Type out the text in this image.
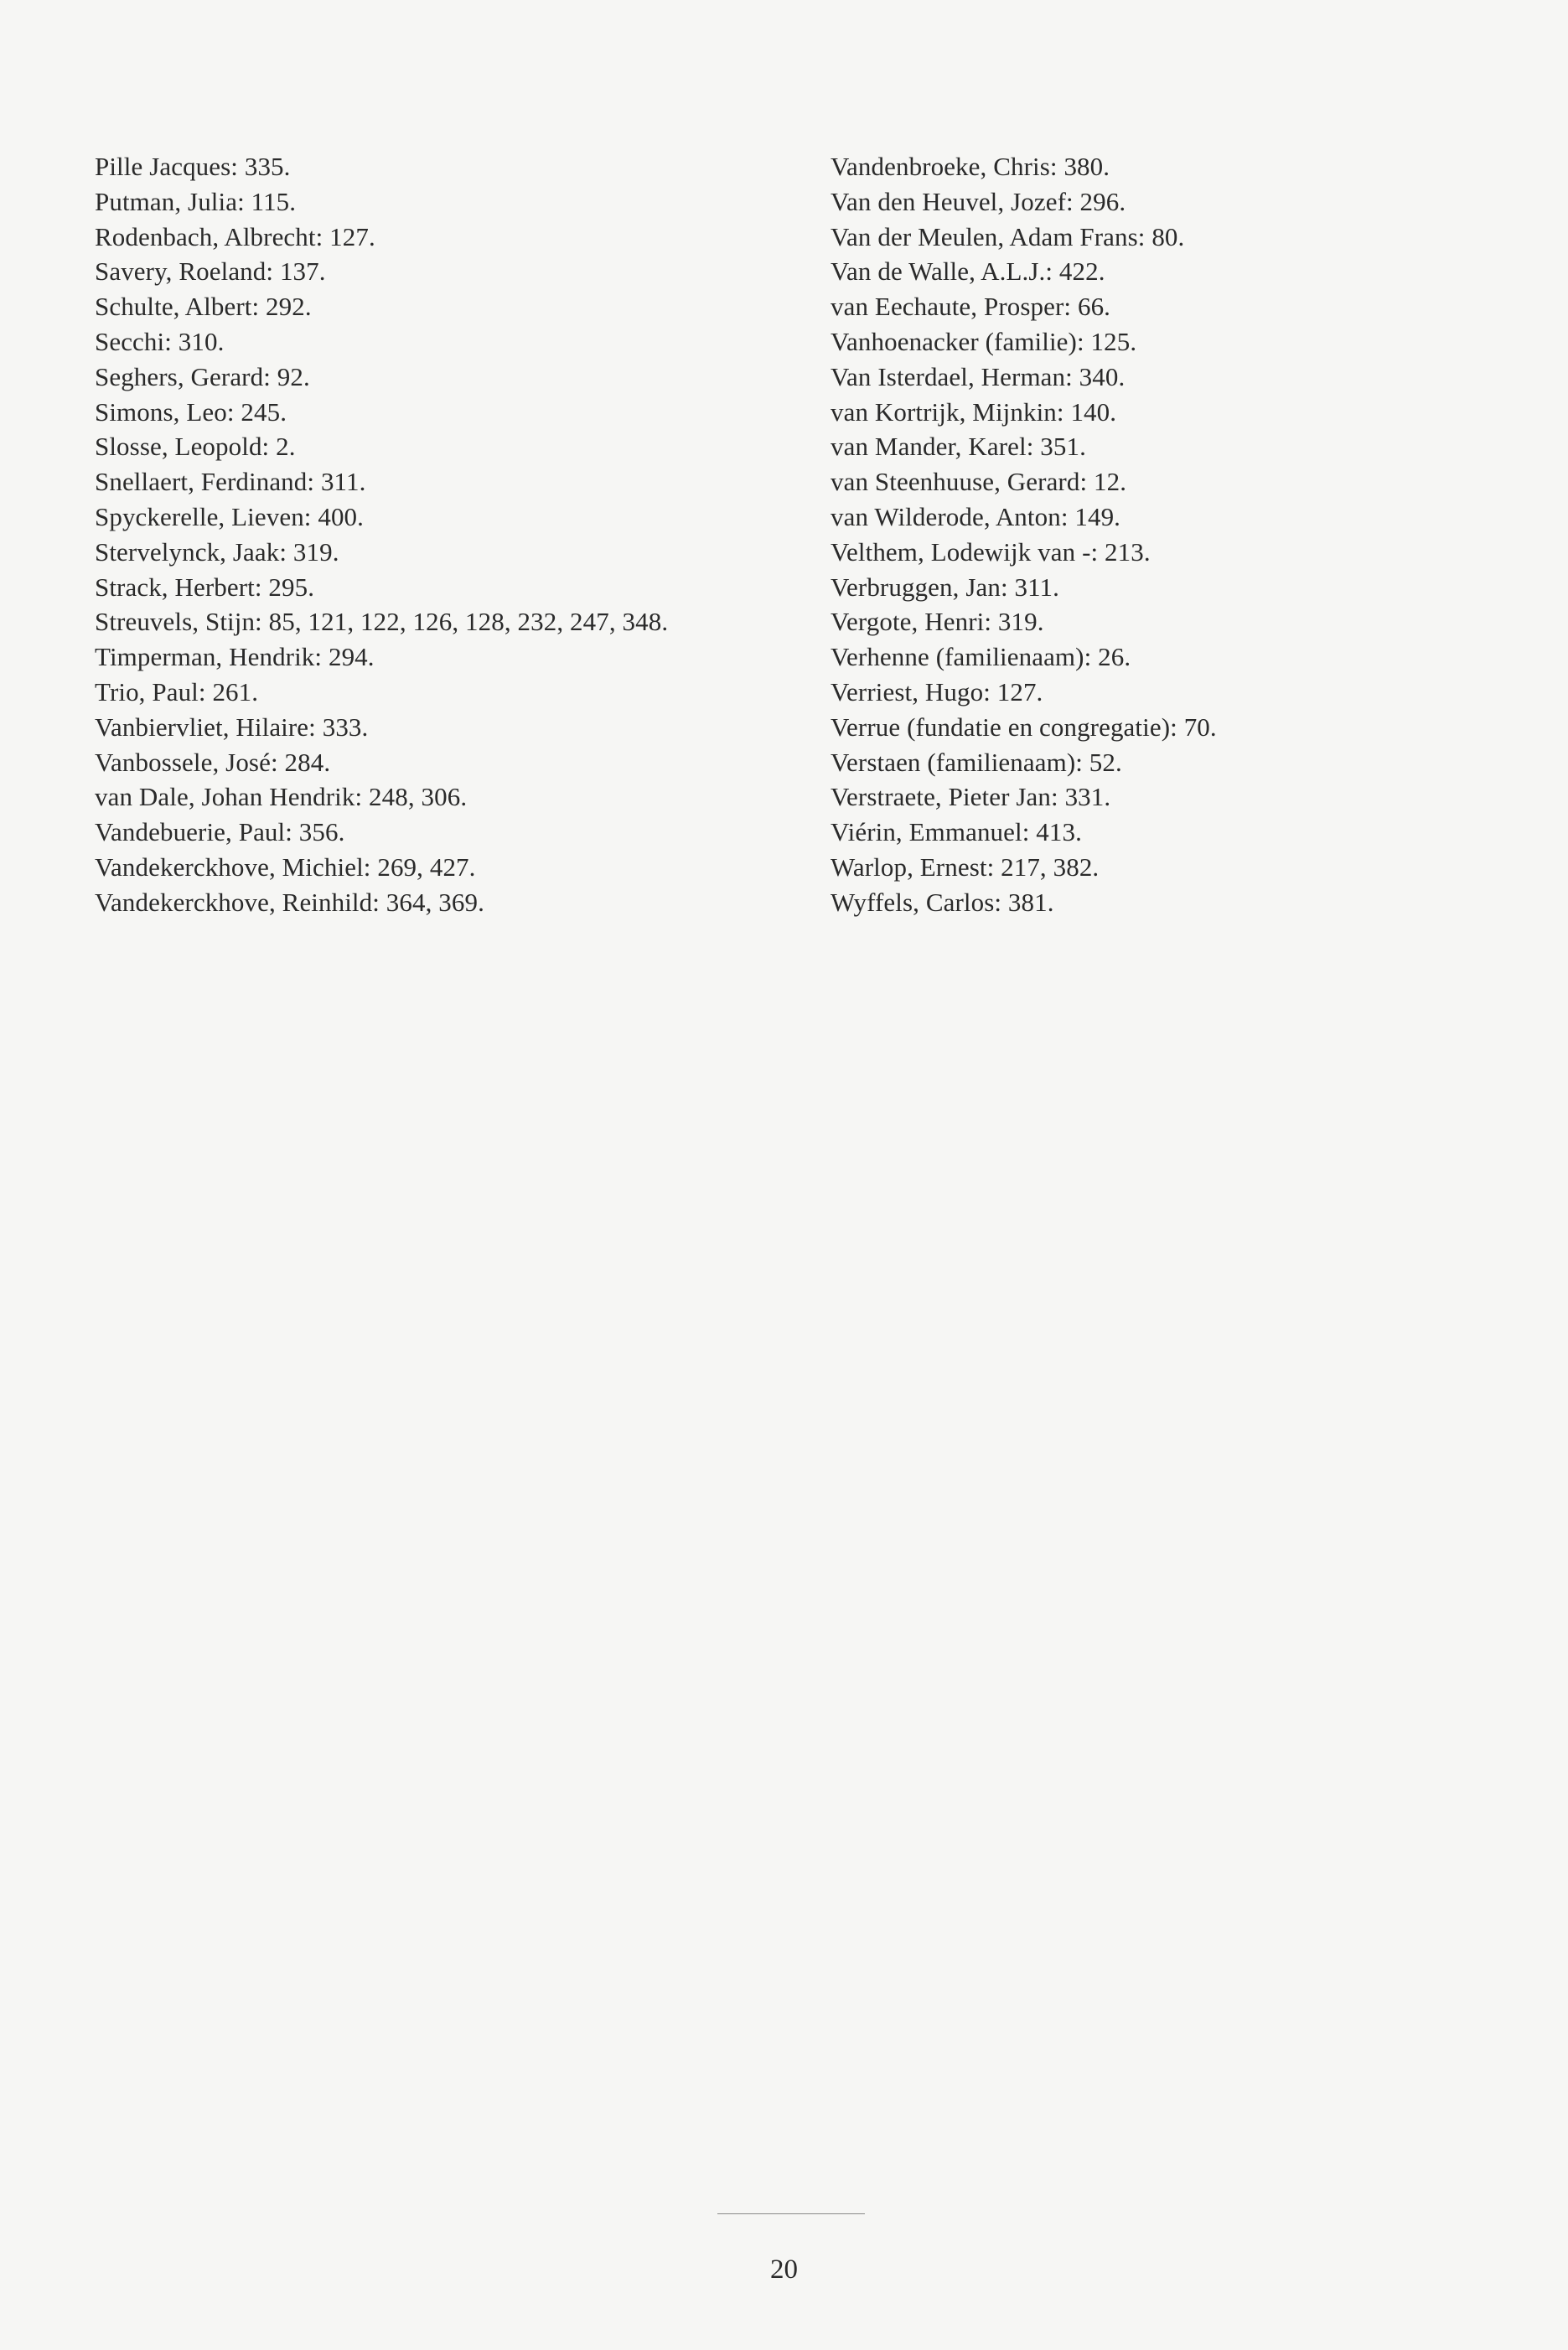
Pille Jacques: 335.
Putman, Julia: 115.
Rodenbach, Albrecht: 127.
Savery, Roeland: 137.
Schulte, Albert: 292.
Secchi: 310.
Seghers, Gerard: 92.
Simons, Leo: 245.
Slosse, Leopold: 2.
Snellaert, Ferdinand: 311.
Spyckerelle, Lieven: 400.
Stervelynck, Jaak: 319.
Strack, Herbert: 295.
Streuvels, Stijn: 85, 121, 122, 126, 128, 232, 247, 348.
Timperman, Hendrik: 294.
Trio, Paul: 261.
Vanbiervliet, Hilaire: 333.
Vanbossele, José: 284.
van Dale, Johan Hendrik: 248, 306.
Vandebuerie, Paul: 356.
Vandekerckhove, Michiel: 269, 427.
Vandekerckhove, Reinhild: 364, 369.
Vandenbroeke, Chris: 380.
Van den Heuvel, Jozef: 296.
Van der Meulen, Adam Frans: 80.
Van de Walle, A.L.J.: 422.
van Eechaute, Prosper: 66.
Vanhoenacker (familie): 125.
Van Isterdael, Herman: 340.
van Kortrijk, Mijnkin: 140.
van Mander, Karel: 351.
van Steenhuuse, Gerard: 12.
van Wilderode, Anton: 149.
Velthem, Lodewijk van -: 213.
Verbruggen, Jan: 311.
Vergote, Henri: 319.
Verhenne (familienaam): 26.
Verriest, Hugo: 127.
Verrue (fundatie en congregatie): 70.
Verstaen (familienaam): 52.
Verstraete, Pieter Jan: 331.
Viérin, Emmanuel: 413.
Warlop, Ernest: 217, 382.
Wyffels, Carlos: 381.
20
